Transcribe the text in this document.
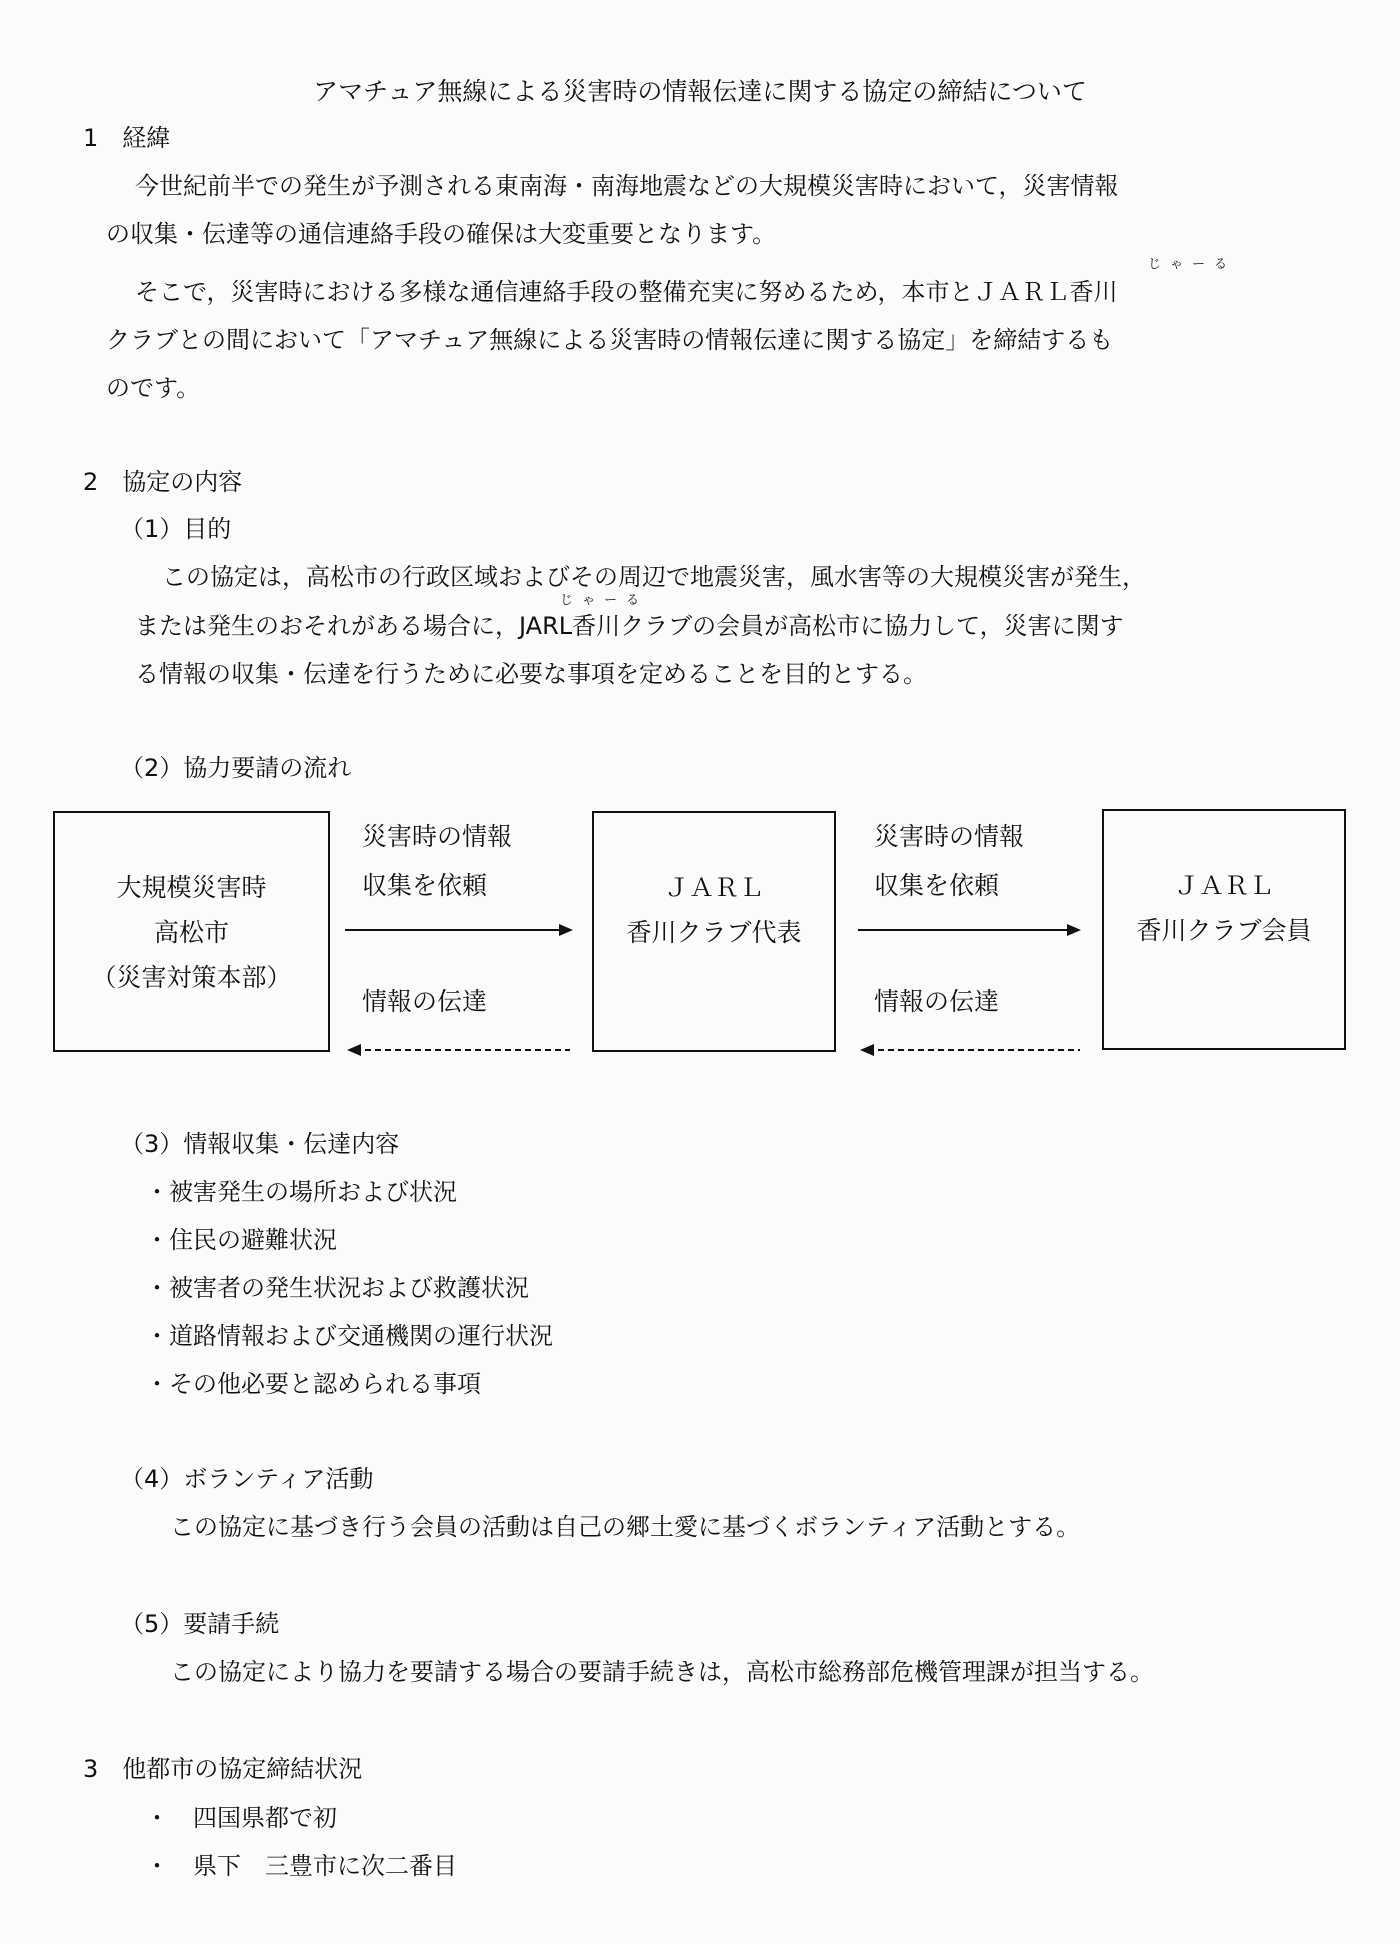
アマチュア無線による災害時の情報伝達に関する協定の締結について
1　経緯
今世紀前半での発生が予測される東南海・南海地震などの大規模災害時において，災害情報
の収集・伝達等の通信連絡手段の確保は大変重要となります。
じゃーる
そこで，災害時における多様な通信連絡手段の整備充実に努めるため，本市とＪＡＲＬ香川
クラブとの間において「アマチュア無線による災害時の情報伝達に関する協定」を締結するも
のです。
2　協定の内容
（1）目的
この協定は，高松市の行政区域およびその周辺で地震災害，風水害等の大規模災害が発生，
じゃーる
または発生のおそれがある場合に，JARL香川クラブの会員が高松市に協力して，災害に関す
る情報の収集・伝達を行うために必要な事項を定めることを目的とする。
（2）協力要請の流れ
大規模災害時
高松市
（災害対策本部）
災害時の情報
収集を依頼
情報の伝達
ＪＡＲＬ
香川クラブ代表
災害時の情報
収集を依頼
情報の伝達
ＪＡＲＬ
香川クラブ会員
（3）情報収集・伝達内容
・被害発生の場所および状況
・住民の避難状況
・被害者の発生状況および救護状況
・道路情報および交通機関の運行状況
・その他必要と認められる事項
（4）ボランティア活動
この協定に基づき行う会員の活動は自己の郷土愛に基づくボランティア活動とする。
（5）要請手続
この協定により協力を要請する場合の要請手続きは，高松市総務部危機管理課が担当する。
3　他都市の協定締結状況
・　四国県都で初
・　県下　三豊市に次二番目
